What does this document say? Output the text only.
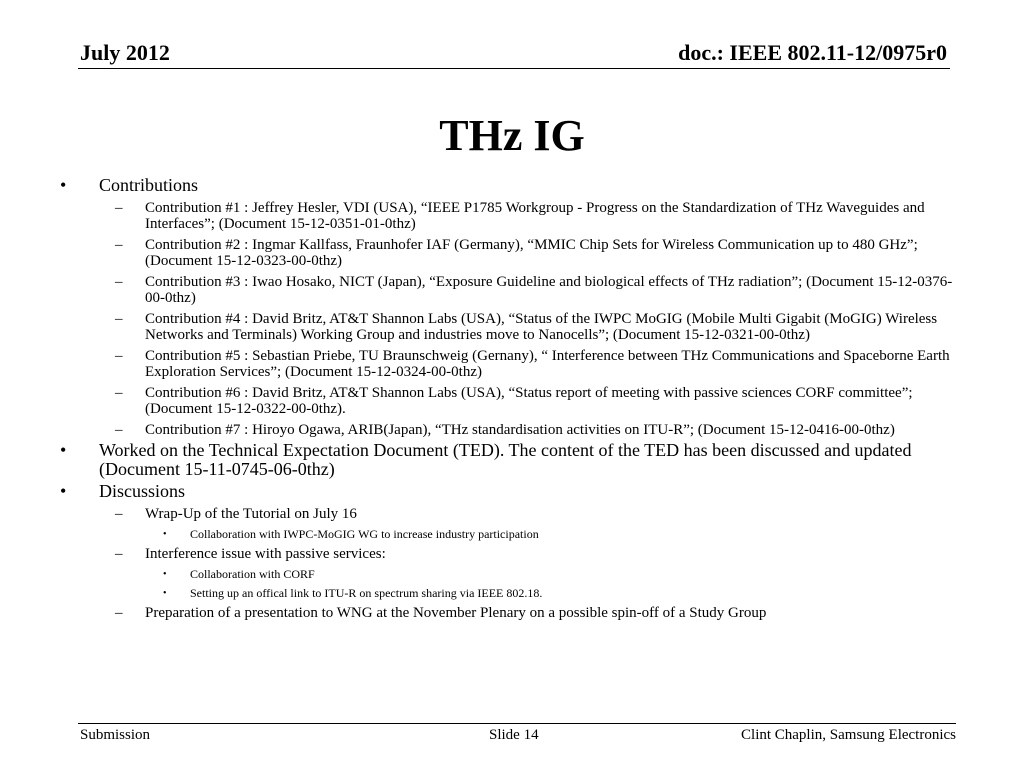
July 2012	doc.: IEEE 802.11-12/0975r0
THz IG
• Contributions
– Contribution #1 : Jeffrey Hesler, VDI (USA), “IEEE P1785 Workgroup - Progress on the Standardization of THz Waveguides and Interfaces”; (Document 15-12-0351-01-0thz)
– Contribution #2 : Ingmar Kallfass, Fraunhofer IAF (Germany), “MMIC Chip Sets for Wireless Communication up to 480 GHz”; (Document 15-12-0323-00-0thz)
– Contribution #3 : Iwao Hosako, NICT (Japan), “Exposure Guideline and biological effects of THz radiation”; (Document 15-12-0376-00-0thz)
– Contribution #4 : David Britz, AT&T Shannon Labs (USA), “Status of the IWPC MoGIG (Mobile Multi Gigabit (MoGIG) Wireless Networks and Terminals) Working Group and industries move to Nanocells”; (Document 15-12-0321-00-0thz)
– Contribution #5 : Sebastian Priebe, TU Braunschweig (Gernany), “ Interference between THz Communications and Spaceborne Earth Exploration Services”; (Document 15-12-0324-00-0thz)
– Contribution #6 : David Britz, AT&T Shannon Labs (USA), “Status report of meeting with passive sciences CORF committee”; (Document 15-12-0322-00-0thz).
– Contribution #7 : Hiroyo Ogawa, ARIB(Japan), “THz standardisation activities on ITU-R”; (Document 15-12-0416-00-0thz)
• Worked on the Technical Expectation Document (TED). The content of the TED has been discussed and updated (Document 15-11-0745-06-0thz)
• Discussions
– Wrap-Up of the Tutorial on July 16
• Collaboration with IWPC-MoGIG WG to increase industry participation
– Interference issue with passive services:
• Collaboration with CORF
• Setting up an offical link to ITU-R on spectrum sharing via IEEE 802.18.
– Preparation of a presentation to WNG at the November Plenary on a possible spin-off of a Study Group
Submission	Slide 14	Clint Chaplin, Samsung Electronics
